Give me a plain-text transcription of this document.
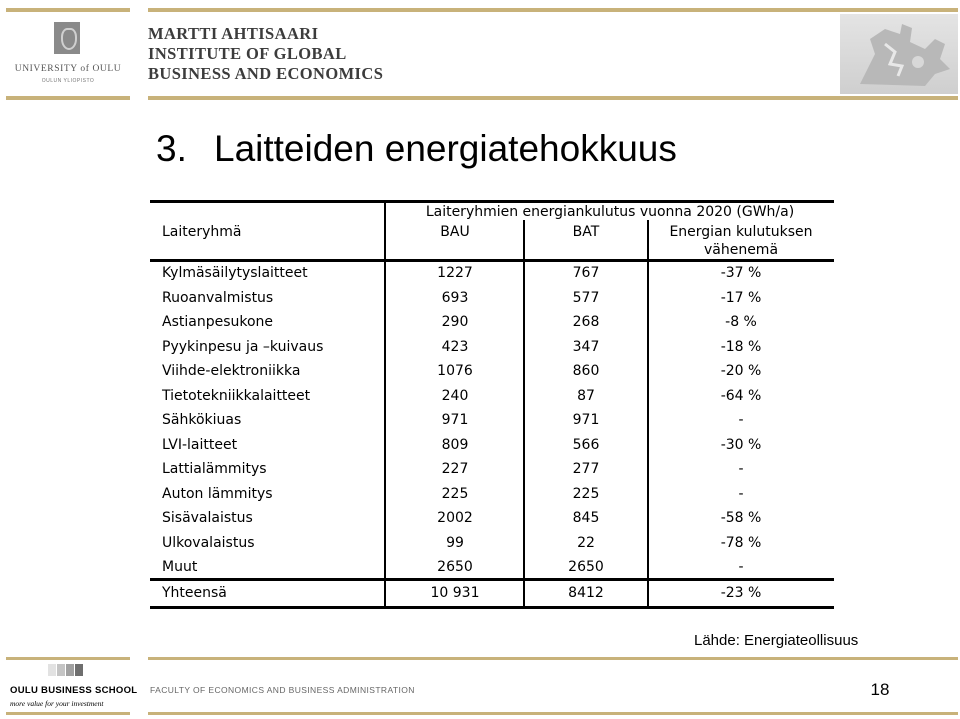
UNIVERSITY of OULU
OULUN YLIOPISTO
MARTTI AHTISAARI
INSTITUTE OF GLOBAL
BUSINESS AND ECONOMICS
3. Laitteiden energiatehokkuus
Laiteryhmien energiankulutus vuonna 2020 (GWh/a)
Laiteryhmä	BAU	BAT	Energian kulutuksen
vähenemä
Kylmäsäilytyslaitteet	1227	767	-37 %
Ruoanvalmistus	693	577	-17 %
Astianpesukone	290	268	-8 %
Pyykinpesu ja –kuivaus	423	347	-18 %
Viihde-elektroniikka	1076	860	-20 %
Tietotekniikkalaitteet	240	87	-64 %
Sähkökiuas	971	971	-
LVI-laitteet	809	566	-30 %
Lattialämmitys	227	277	-
Auton lämmitys	225	225	-
Sisävalaistus	2002	845	-58 %
Ulkovalaistus	99	22	-78 %
Muut	2650	2650	-
Yhteensä	10 931	8412	-23 %
Lähde: Energiateollisuus
OULU BUSINESS SCHOOL
more value for your investment
FACULTY OF ECONOMICS AND BUSINESS ADMINISTRATION	18
